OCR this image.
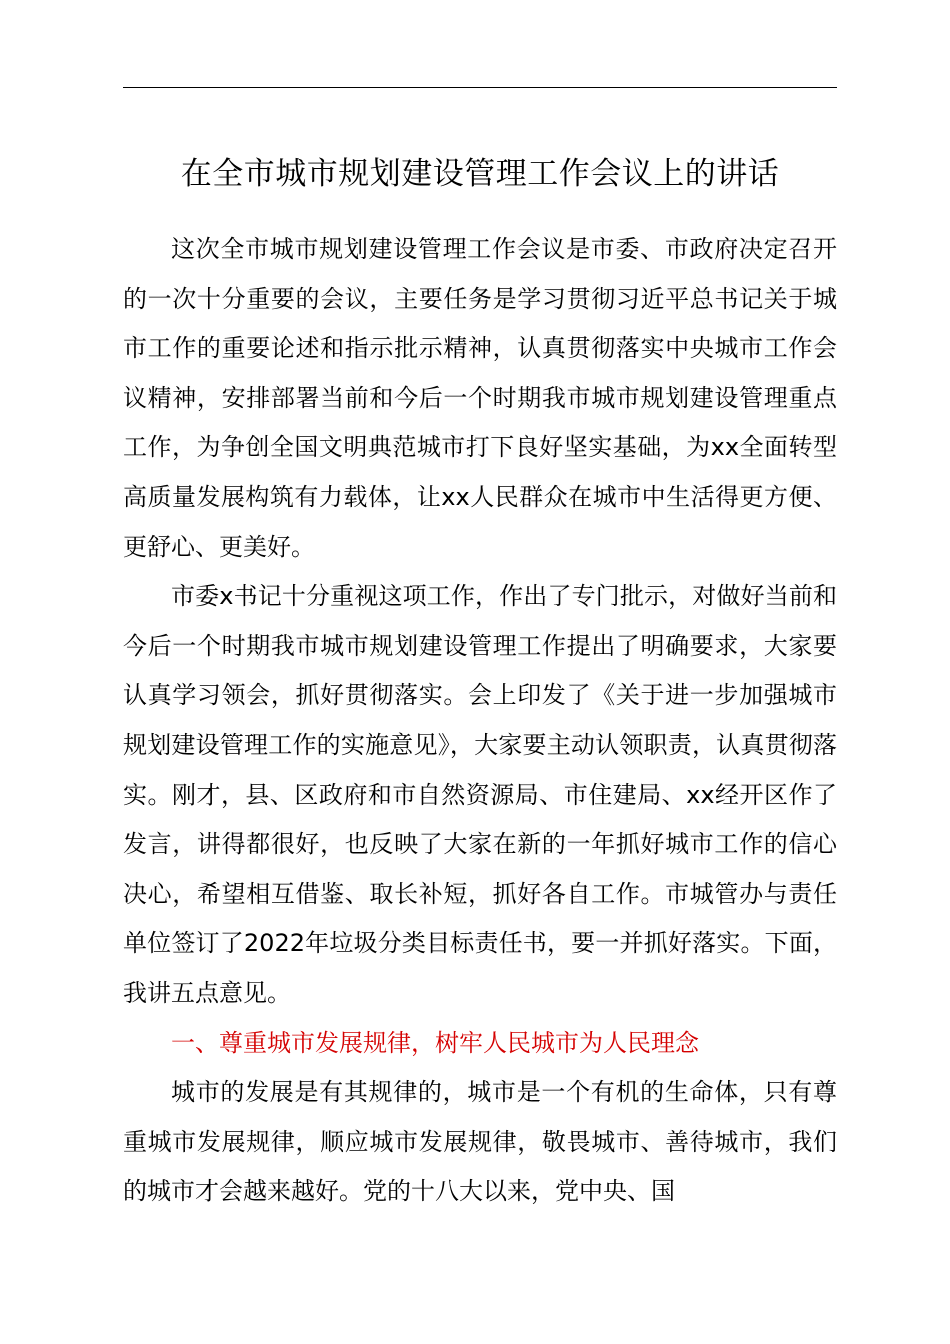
在全市城市规划建设管理工作会议上的讲话

这次全市城市规划建设管理工作会议是市委、市政府决定召开的一次十分重要的会议，主要任务是学习贯彻习近平总书记关于城市工作的重要论述和指示批示精神，认真贯彻落实中央城市工作会议精神，安排部署当前和今后一个时期我市城市规划建设管理重点工作，为争创全国文明典范城市打下良好坚实基础，为xx全面转型高质量发展构筑有力载体，让xx人民群众在城市中生活得更方便、更舒心、更美好。

市委x书记十分重视这项工作，作出了专门批示，对做好当前和今后一个时期我市城市规划建设管理工作提出了明确要求，大家要认真学习领会，抓好贯彻落实。会上印发了《关于进一步加强城市规划建设管理工作的实施意见》，大家要主动认领职责，认真贯彻落实。刚才，县、区政府和市自然资源局、市住建局、xx经开区作了发言，讲得都很好，也反映了大家在新的一年抓好城市工作的信心决心，希望相互借鉴、取长补短，抓好各自工作。市城管办与责任单位签订了2022年垃圾分类目标责任书，要一并抓好落实。下面，我讲五点意见。

一、尊重城市发展规律，树牢人民城市为人民理念

城市的发展是有其规律的，城市是一个有机的生命体，只有尊重城市发展规律，顺应城市发展规律，敬畏城市、善待城市，我们的城市才会越来越好。党的十八大以来，党中央、国
